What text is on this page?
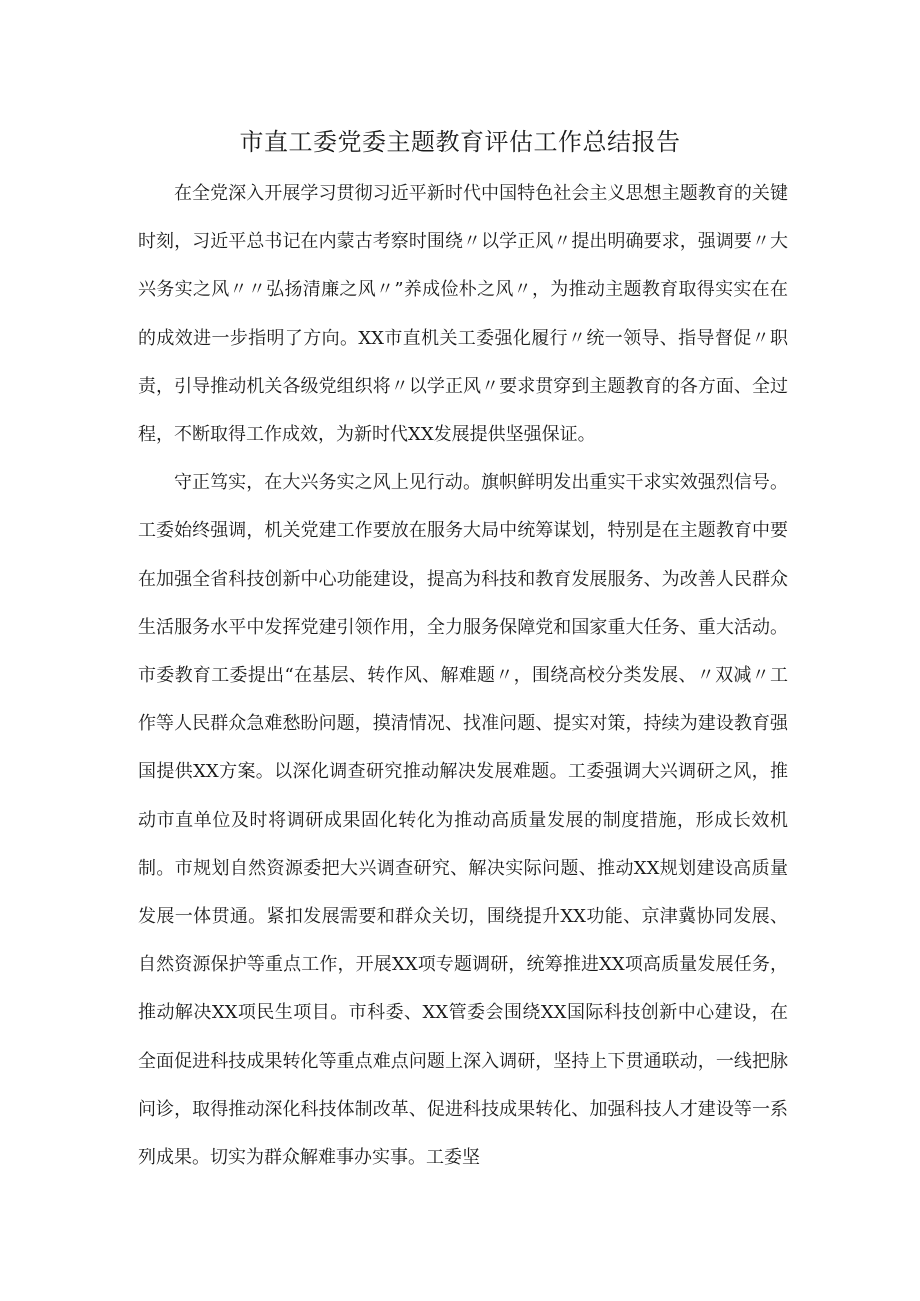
市直工委党委主题教育评估工作总结报告

在全党深入开展学习贯彻习近平新时代中国特色社会主义思想主题教育的关键时刻，习近平总书记在内蒙古考察时围绕〃以学正风〃提出明确要求，强调要〃大兴务实之风〃〃弘扬清廉之风〃”养成俭朴之风〃，为推动主题教育取得实实在在的成效进一步指明了方向。XX市直机关工委强化履行〃统一领导、指导督促〃职责，引导推动机关各级党组织将〃以学正风〃要求贯穿到主题教育的各方面、全过程，不断取得工作成效，为新时代XX发展提供坚强保证。

守正笃实，在大兴务实之风上见行动。旗帜鲜明发出重实干求实效强烈信号。工委始终强调，机关党建工作要放在服务大局中统筹谋划，特别是在主题教育中要在加强全省科技创新中心功能建设，提高为科技和教育发展服务、为改善人民群众生活服务水平中发挥党建引领作用，全力服务保障党和国家重大任务、重大活动。市委教育工委提出“在基层、转作风、解难题〃，围绕高校分类发展、〃双减〃工作等人民群众急难愁盼问题，摸清情况、找准问题、提实对策，持续为建设教育强国提供XX方案。以深化调查研究推动解决发展难题。工委强调大兴调研之风，推动市直单位及时将调研成果固化转化为推动高质量发展的制度措施，形成长效机制。市规划自然资源委把大兴调查研究、解决实际问题、推动XX规划建设高质量发展一体贯通。紧扣发展需要和群众关切，围绕提升XX功能、京津冀协同发展、自然资源保护等重点工作，开展XX项专题调研，统筹推进XX项高质量发展任务，推动解决XX项民生项目。市科委、XX管委会围绕XX国际科技创新中心建设，在全面促进科技成果转化等重点难点问题上深入调研，坚持上下贯通联动，一线把脉问诊，取得推动深化科技体制改革、促进科技成果转化、加强科技人才建设等一系列成果。切实为群众解难事办实事。工委坚
